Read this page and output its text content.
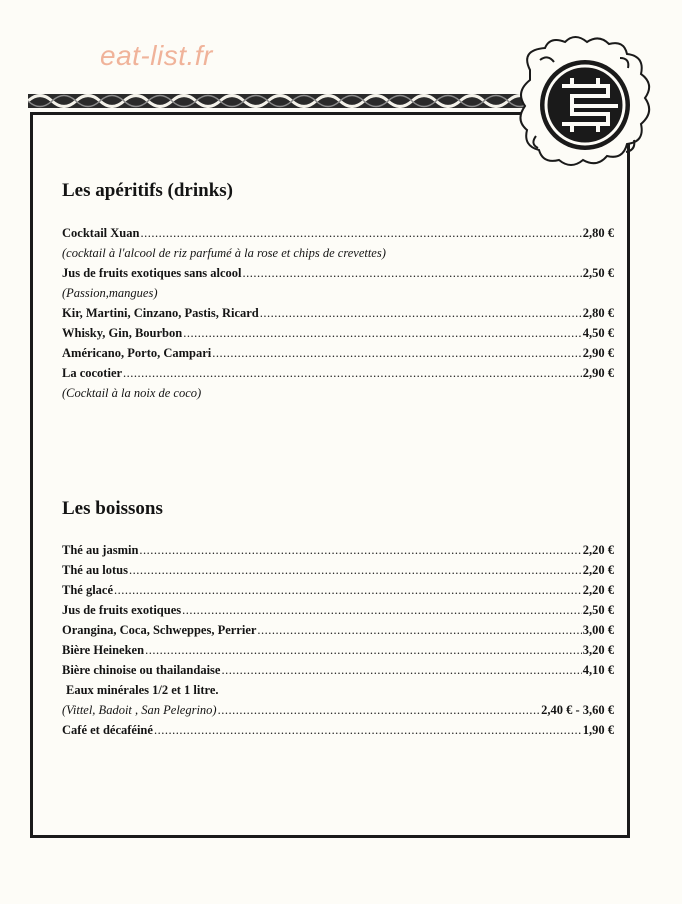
eat-list.fr
Les apéritifs (drinks)
Cocktail Xuan .....	2,80 €
(cocktail à l'alcool de riz parfumé à la rose et chips de crevettes)
Jus de fruits exotiques sans alcool .....	2,50 €
(Passion,mangues)
Kir, Martini, Cinzano, Pastis, Ricard .....	2,80 €
Whisky, Gin, Bourbon .....	4,50 €
Américano, Porto, Campari .....	2,90 €
La cocotier .....	2,90 €
(Cocktail à la noix de coco)
Les boissons
Thé au jasmin .....	2,20 €
Thé au lotus .....	2,20 €
Thé glacé .....	2,20 €
Jus de fruits exotiques .....	2,50 €
Orangina, Coca, Schweppes, Perrier .....	3,00 €
Bière Heineken .....	3,20 €
Bière chinoise ou thailandaise .....	4,10 €
Eaux minérales 1/2 et 1 litre.
(Vittel, Badoit , San Pelegrino) .....	2,40 € - 3,60 €
Café et décaféiné .....	1,90 €
